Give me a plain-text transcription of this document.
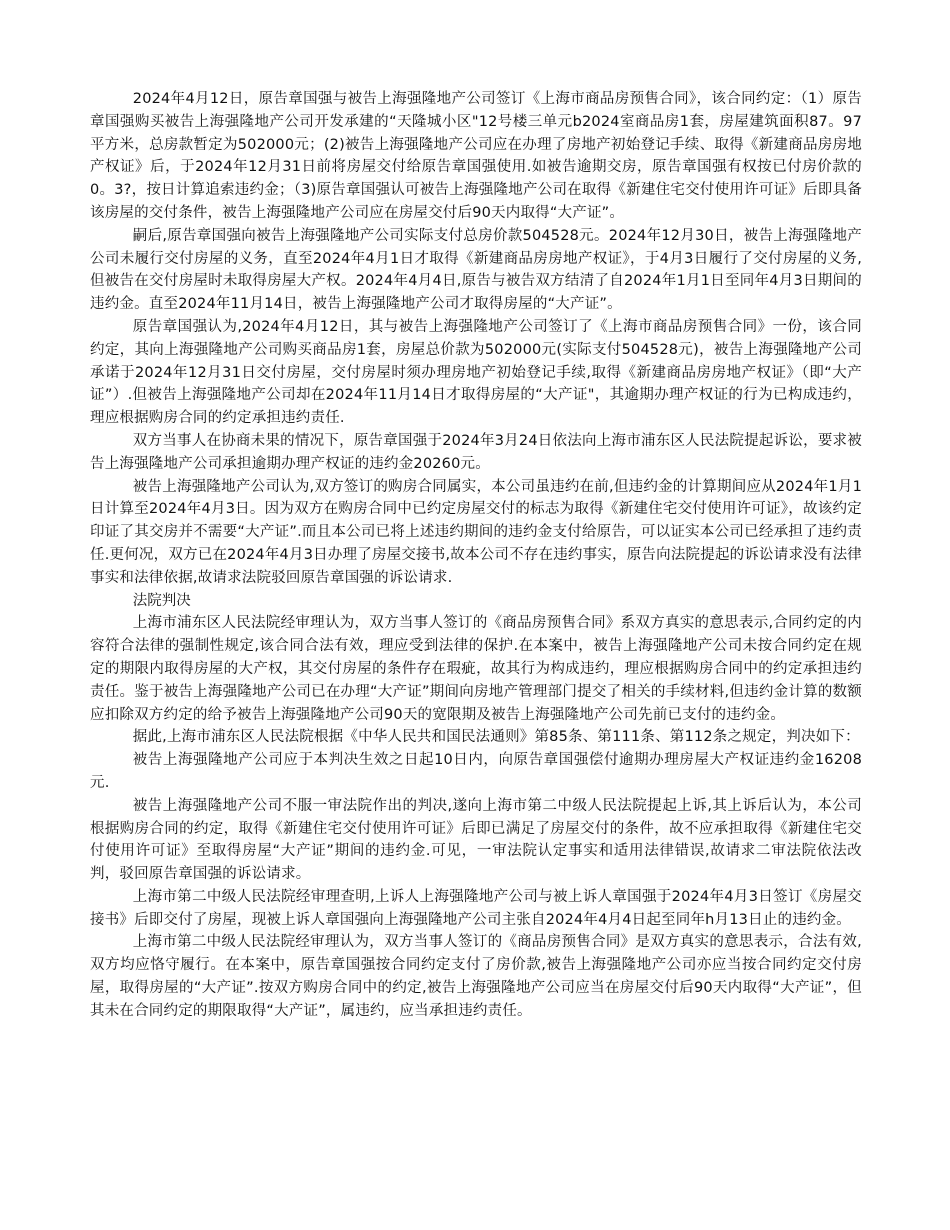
2024年4月12日，原告章国强与被告上海强隆地产公司签订《上海市商品房预售合同》，该合同约定：（1）原告章国强购买被告上海强隆地产公司开发承建的“天隆城小区"12号楼三单元b2024室商品房1套，房屋建筑面积87。97平方米，总房款暂定为502000元；(2)被告上海强隆地产公司应在办理了房地产初始登记手续、取得《新建商品房房地产权证》后，于2024年12月31日前将房屋交付给原告章国强使用.如被告逾期交房，原告章国强有权按已付房价款的0。3?，按日计算追索违约金；（3)原告章国强认可被告上海强隆地产公司在取得《新建住宅交付使用许可证》后即具备该房屋的交付条件，被告上海强隆地产公司应在房屋交付后90天内取得“大产证”。

嗣后,原告章国强向被告上海强隆地产公司实际支付总房价款504528元。2024年12月30日，被告上海强隆地产公司未履行交付房屋的义务，直至2024年4月1日才取得《新建商品房房地产权证》，于4月3日履行了交付房屋的义务,但被告在交付房屋时未取得房屋大产权。2024年4月4日,原告与被告双方结清了自2024年1月1日至同年4月3日期间的违约金。直至2024年11月14日，被告上海强隆地产公司才取得房屋的“大产证”。

原告章国强认为,2024年4月12日，其与被告上海强隆地产公司签订了《上海市商品房预售合同》一份，该合同约定，其向上海强隆地产公司购买商品房1套，房屋总价款为502000元(实际支付504528元)，被告上海强隆地产公司承诺于2024年12月31日交付房屋，交付房屋时须办理房地产初始登记手续,取得《新建商品房房地产权证》（即“大产证”）.但被告上海强隆地产公司却在2024年11月14日才取得房屋的“大产证"，其逾期办理产权证的行为已构成违约，理应根据购房合同的约定承担违约责任.

双方当事人在协商未果的情况下，原告章国强于2024年3月24日依法向上海市浦东区人民法院提起诉讼，要求被告上海强隆地产公司承担逾期办理产权证的违约金20260元。

被告上海强隆地产公司认为,双方签订的购房合同属实，本公司虽违约在前,但违约金的计算期间应从2024年1月1日计算至2024年4月3日。因为双方在购房合同中已约定房屋交付的标志为取得《新建住宅交付使用许可证》，故该约定印证了其交房并不需要“大产证”.而且本公司已将上述违约期间的违约金支付给原告，可以证实本公司已经承担了违约责任.更何况，双方已在2024年4月3日办理了房屋交接书,故本公司不存在违约事实，原告向法院提起的诉讼请求没有法律事实和法律依据,故请求法院驳回原告章国强的诉讼请求.

法院判决

上海市浦东区人民法院经审理认为，双方当事人签订的《商品房预售合同》系双方真实的意思表示,合同约定的内容符合法律的强制性规定,该合同合法有效，理应受到法律的保护.在本案中，被告上海强隆地产公司未按合同约定在规定的期限内取得房屋的大产权，其交付房屋的条件存在瑕疵，故其行为构成违约，理应根据购房合同中的约定承担违约责任。鉴于被告上海强隆地产公司已在办理“大产证”期间向房地产管理部门提交了相关的手续材料,但违约金计算的数额应扣除双方约定的给予被告上海强隆地产公司90天的宽限期及被告上海强隆地产公司先前已支付的违约金。

据此,上海市浦东区人民法院根据《中华人民共和国民法通则》第85条、第111条、第112条之规定，判决如下：

被告上海强隆地产公司应于本判决生效之日起10日内，向原告章国强偿付逾期办理房屋大产权证违约金16208元.

被告上海强隆地产公司不服一审法院作出的判决,遂向上海市第二中级人民法院提起上诉,其上诉后认为，本公司根据购房合同的约定，取得《新建住宅交付使用许可证》后即已满足了房屋交付的条件，故不应承担取得《新建住宅交付使用许可证》至取得房屋“大产证”期间的违约金.可见，一审法院认定事实和适用法律错误,故请求二审法院依法改判，驳回原告章国强的诉讼请求。

上海市第二中级人民法院经审理查明,上诉人上海强隆地产公司与被上诉人章国强于2024年4月3日签订《房屋交接书》后即交付了房屋，现被上诉人章国强向上海强隆地产公司主张自2024年4月4日起至同年h月13日止的违约金。

上海市第二中级人民法院经审理认为，双方当事人签订的《商品房预售合同》是双方真实的意思表示，合法有效,双方均应恪守履行。在本案中，原告章国强按合同约定支付了房价款,被告上海强隆地产公司亦应当按合同约定交付房屋，取得房屋的“大产证”.按双方购房合同中的约定,被告上海强隆地产公司应当在房屋交付后90天内取得“大产证”，但其未在合同约定的期限取得“大产证”，属违约，应当承担违约责任。
